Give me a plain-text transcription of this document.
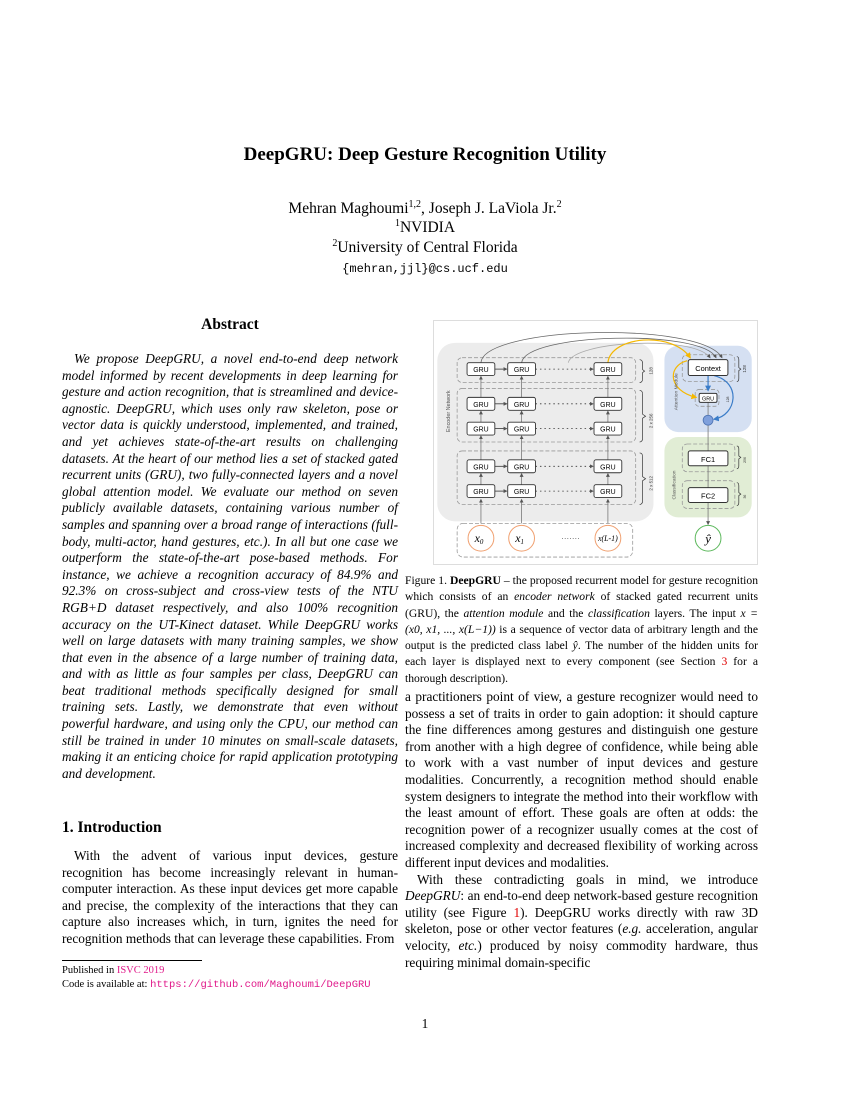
DeepGRU: Deep Gesture Recognition Utility
Mehran Maghoumi$^{1,2}$, Joseph J. LaViola Jr.$^2$
$^1$NVIDIA
$^2$University of Central Florida
{mehran,jjl}@cs.ucf.edu
Abstract
We propose DeepGRU, a novel end-to-end deep network model informed by recent developments in deep learning for gesture and action recognition, that is streamlined and device-agnostic. DeepGRU, which uses only raw skeleton, pose or vector data is quickly understood, implemented, and trained, and yet achieves state-of-the-art results on challenging datasets. At the heart of our method lies a set of stacked gated recurrent units (GRU), two fully-connected layers and a novel global attention model. We evaluate our method on seven publicly available datasets, containing various number of samples and spanning over a broad range of interactions (full-body, multi-actor, hand gestures, etc.). In all but one case we outperform the state-of-the-art pose-based methods. For instance, we achieve a recognition accuracy of 84.9% and 92.3% on cross-subject and cross-view tests of the NTU RGB+D dataset respectively, and also 100% recognition accuracy on the UT-Kinect dataset. While DeepGRU works well on large datasets with many training samples, we show that even in the absence of a large number of training data, and with as little as four samples per class, DeepGRU can beat traditional methods specifically designed for small training sets. Lastly, we demonstrate that even without powerful hardware, and using only the CPU, our method can still be trained in under 10 minutes on small-scale datasets, making it an enticing choice for rapid application prototyping and development.
1. Introduction
With the advent of various input devices, gesture recognition has become increasingly relevant in human-computer interaction. As these input devices get more capable and precise, the complexity of the interactions that they can capture also increases which, in turn, ignites the need for recognition methods that can leverage these capabilities. From
Published in ISVC 2019
Code is available at: https://github.com/Maghoumi/DeepGRU
GRU	GRU	GRU
GRU	GRU	GRU
GRU	GRU	GRU
GRU	GRU	GRU
GRU	GRU	GRU
Context
GRU
FC1
FC2
ŷ
x0	x1	x(L-1)
·······
Encoder Network	Attention Module
Classification
128
2 x 256
2 x 512
128
128
256
36
Figure 1. DeepGRU – the proposed recurrent model for gesture recognition which consists of an encoder network of stacked gated recurrent units (GRU), the attention module and the classification layers. The input x = (x0, x1, ..., x(L−1)) is a sequence of vector data of arbitrary length and the output is the predicted class label ŷ. The number of the hidden units for each layer is displayed next to every component (see Section 3 for a thorough description).

a practitioners point of view, a gesture recognizer would need to possess a set of traits in order to gain adoption: it should capture the fine differences among gestures and distinguish one gesture from another with a high degree of confidence, while being able to work with a vast number of input devices and gesture modalities. Concurrently, a recognition method should enable system designers to integrate the method into their workflow with the least amount of effort. These goals are often at odds: the recognition power of a recognizer usually comes at the cost of increased complexity and decreased flexibility of working across different input devices and modalities.

With these contradicting goals in mind, we introduce DeepGRU: an end-to-end deep network-based gesture recognition utility (see Figure 1). DeepGRU works directly with raw 3D skeleton, pose or other vector features (e.g. acceleration, angular velocity, etc.) produced by noisy commodity hardware, thus requiring minimal domain-specific

1
